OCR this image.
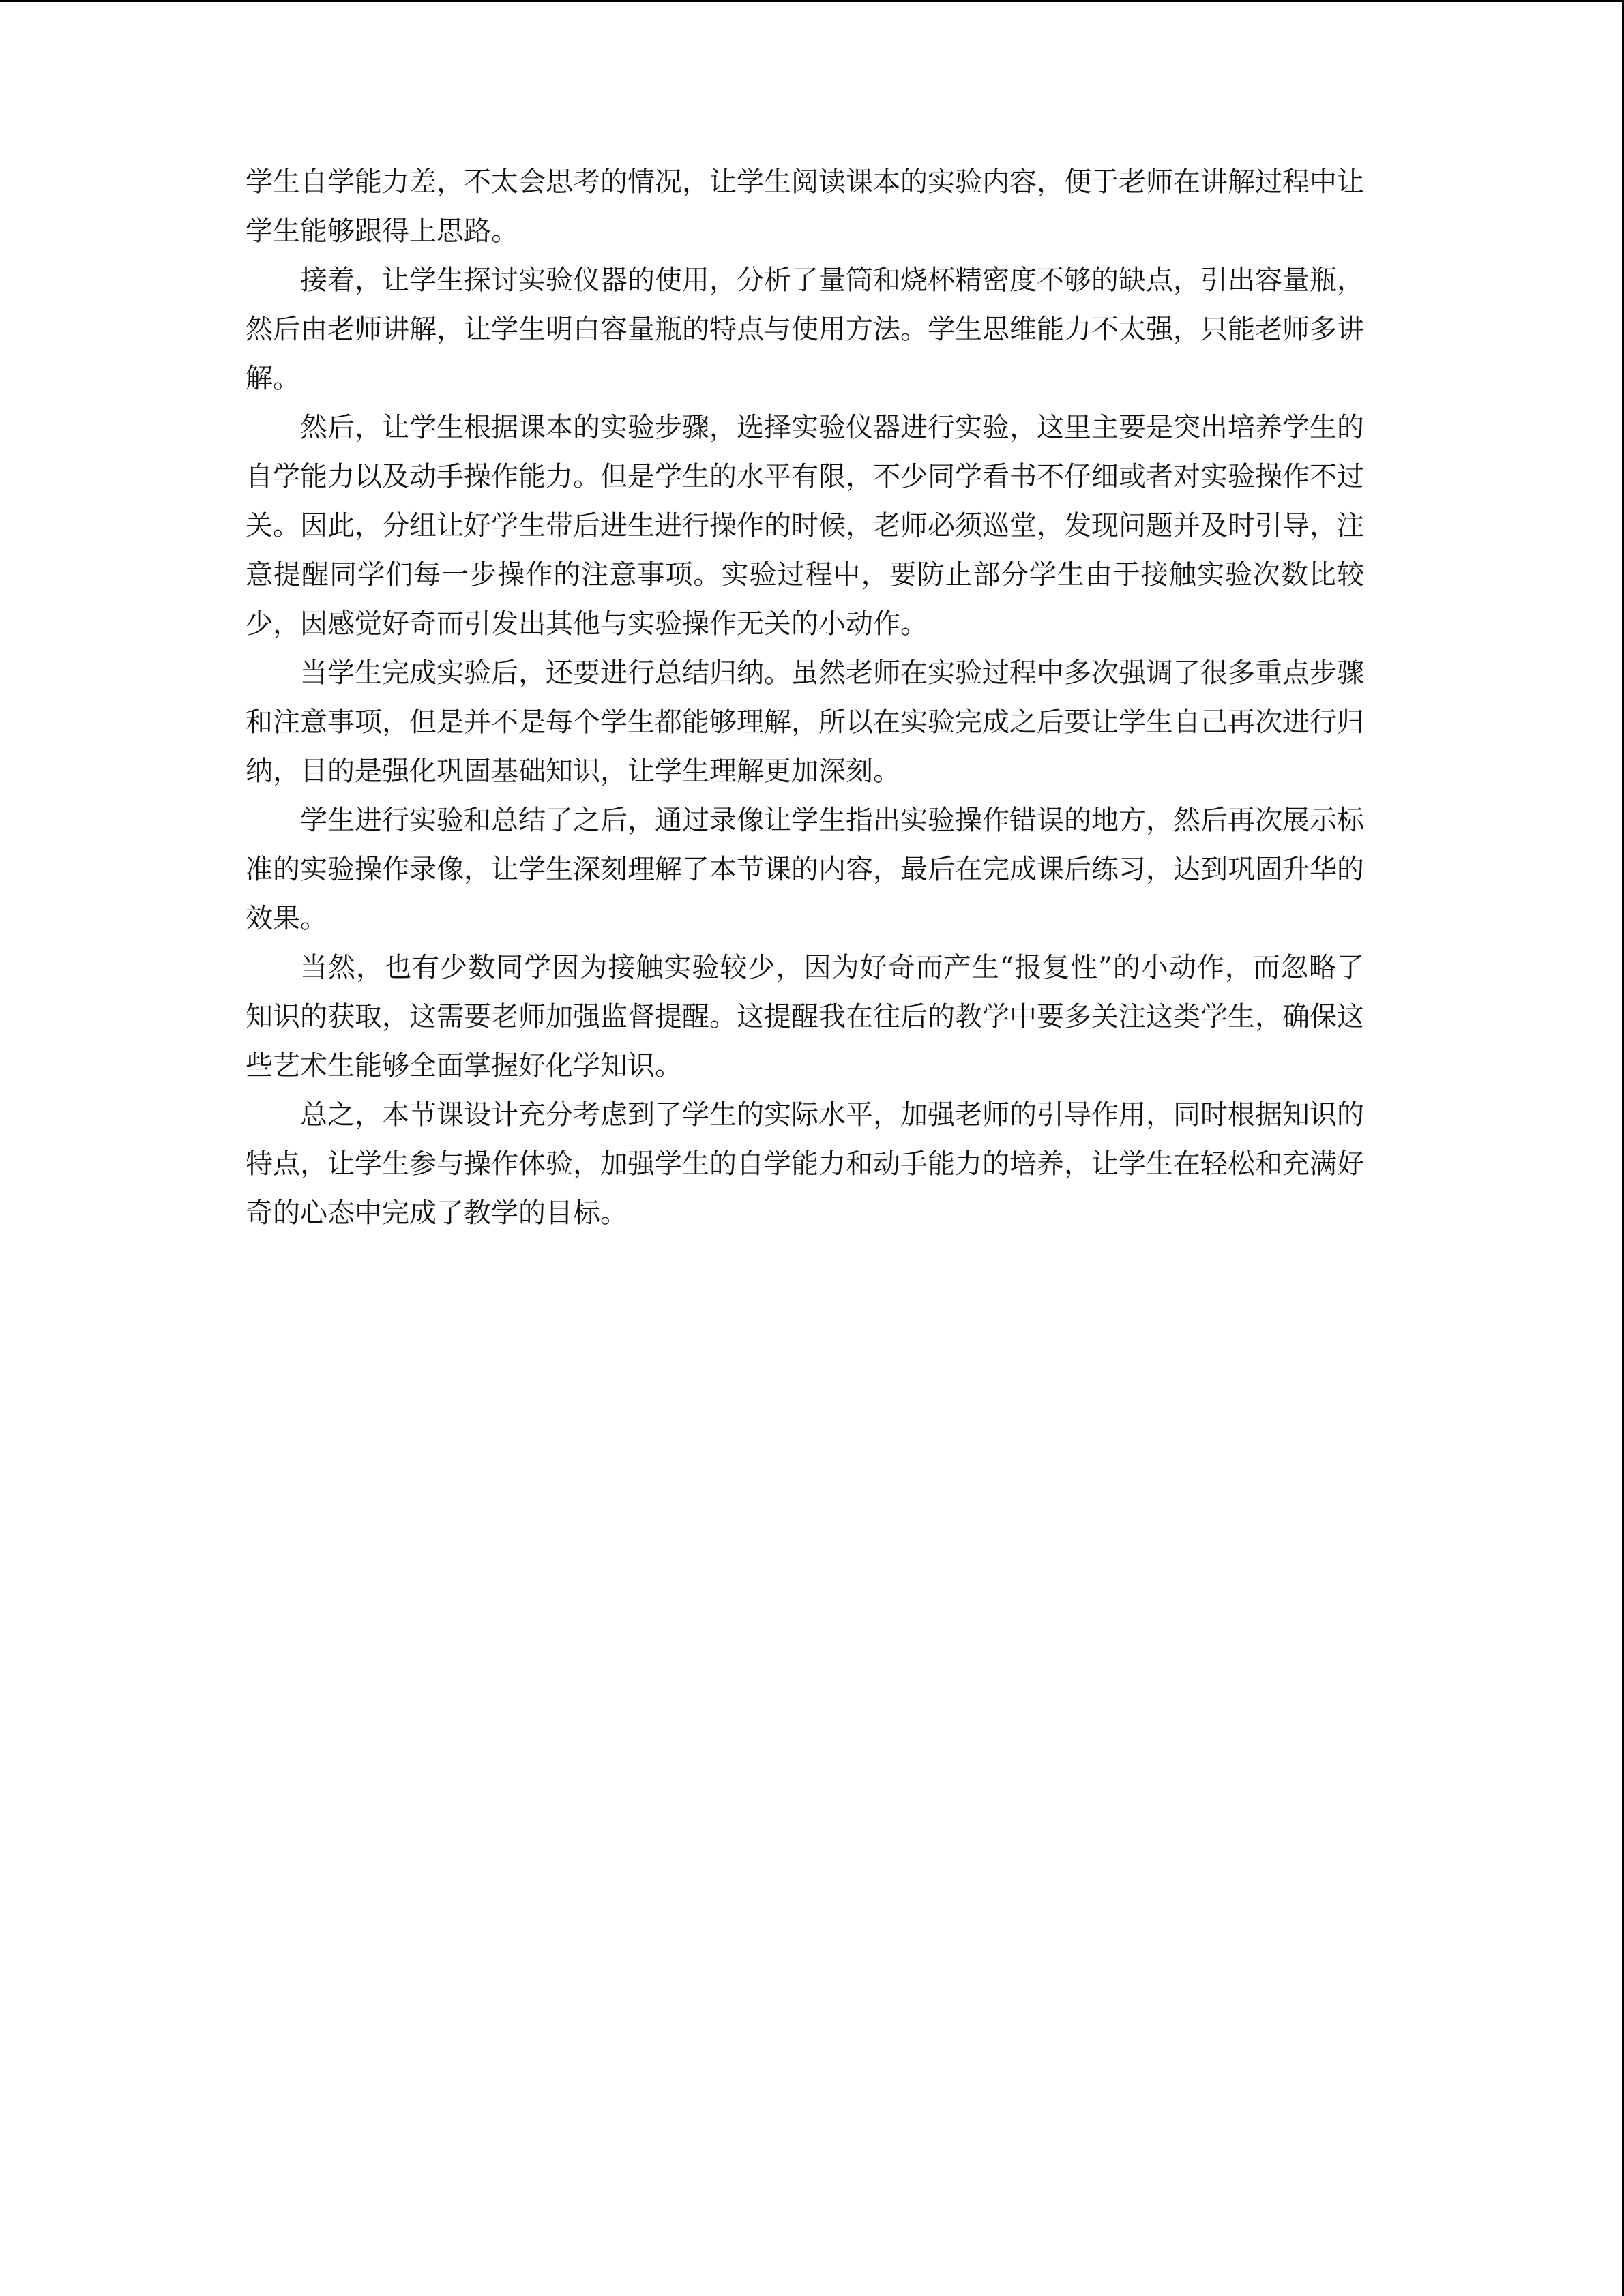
学生自学能力差，不太会思考的情况，让学生阅读课本的实验内容，便于老师在讲解过程中让学生能够跟得上思路。

接着，让学生探讨实验仪器的使用，分析了量筒和烧杯精密度不够的缺点，引出容量瓶，然后由老师讲解，让学生明白容量瓶的特点与使用方法。学生思维能力不太强，只能老师多讲解。

然后，让学生根据课本的实验步骤，选择实验仪器进行实验，这里主要是突出培养学生的自学能力以及动手操作能力。但是学生的水平有限，不少同学看书不仔细或者对实验操作不过关。因此，分组让好学生带后进生进行操作的时候，老师必须巡堂，发现问题并及时引导，注意提醒同学们每一步操作的注意事项。实验过程中，要防止部分学生由于接触实验次数比较少，因感觉好奇而引发出其他与实验操作无关的小动作。

当学生完成实验后，还要进行总结归纳。虽然老师在实验过程中多次强调了很多重点步骤和注意事项，但是并不是每个学生都能够理解，所以在实验完成之后要让学生自己再次进行归纳，目的是强化巩固基础知识，让学生理解更加深刻。

学生进行实验和总结了之后，通过录像让学生指出实验操作错误的地方，然后再次展示标准的实验操作录像，让学生深刻理解了本节课的内容，最后在完成课后练习，达到巩固升华的效果。

当然，也有少数同学因为接触实验较少，因为好奇而产生“报复性”的小动作，而忽略了知识的获取，这需要老师加强监督提醒。这提醒我在往后的教学中要多关注这类学生，确保这些艺术生能够全面掌握好化学知识。

总之，本节课设计充分考虑到了学生的实际水平，加强老师的引导作用，同时根据知识的特点，让学生参与操作体验，加强学生的自学能力和动手能力的培养，让学生在轻松和充满好奇的心态中完成了教学的目标。
